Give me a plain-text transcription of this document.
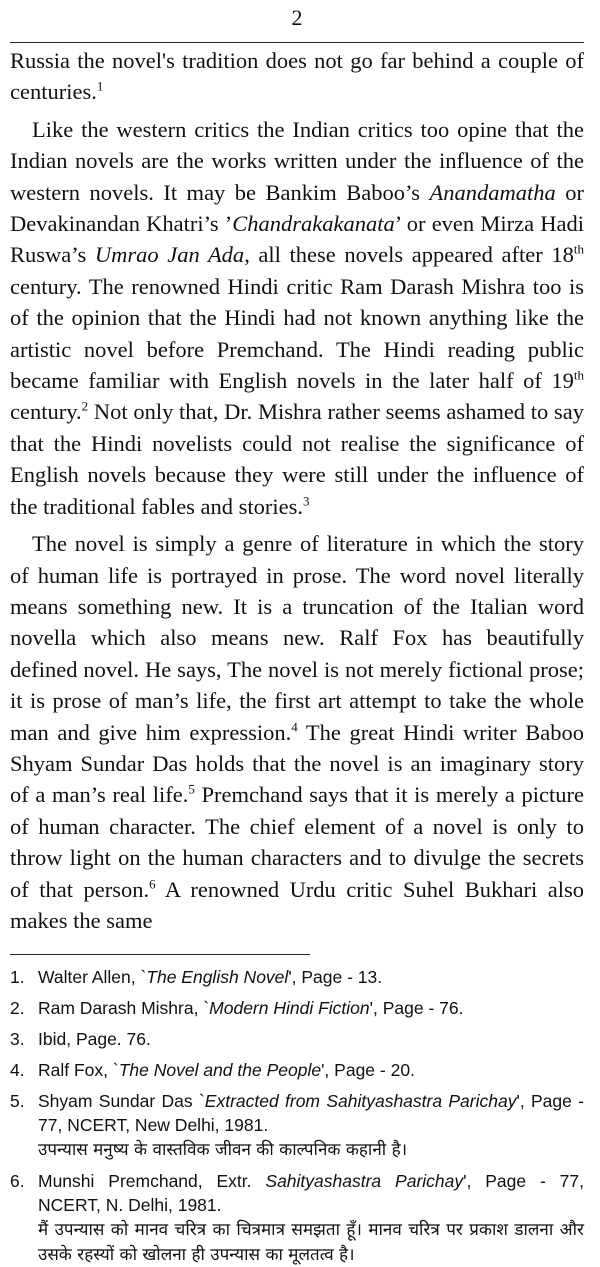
2

Russia the novel's tradition does not go far behind a couple of centuries.$^1$

Like the western critics the Indian critics too opine that the Indian novels are the works written under the influence of the western novels. It may be Bankim Baboo’s Anandamatha or Devakinandan Khatri’s ’Chandrakakanata’ or even Mirza Hadi Ruswa’s Umrao Jan Ada, all these novels appeared after 18th century. The renowned Hindi critic Ram Darash Mishra too is of the opinion that the Hindi had not known anything like the artistic novel before Premchand. The Hindi reading public became familiar with English novels in the later half of 19th century.$^2$ Not only that, Dr. Mishra rather seems ashamed to say that the Hindi novelists could not realise the significance of English novels because they were still under the influence of the traditional fables and stories.$^3$

The novel is simply a genre of literature in which the story of human life is portrayed in prose. The word novel literally means something new. It is a truncation of the Italian word novella which also means new. Ralf Fox has beautifully defined novel. He says, The novel is not merely fictional prose; it is prose of man’s life, the first art attempt to take the whole man and give him expression.$^4$ The great Hindi writer Baboo Shyam Sundar Das holds that the novel is an imaginary story of a man’s real life.$^5$ Premchand says that it is merely a picture of human character. The chief element of a novel is only to throw light on the human characters and to divulge the secrets of that person.$^6$ A renowned Urdu critic Suhel Bukhari also makes the same

1. Walter Allen, `The English Novel', Page - 13.
2. Ram Darash Mishra, `Modern Hindi Fiction', Page - 76.
3. Ibid, Page. 76.
4. Ralf Fox, `The Novel and the People', Page - 20.
5. Shyam Sundar Das `Extracted from Sahityashastra Parichay', Page - 77, NCERT, New Delhi, 1981.
उपन्यास मनुष्य के वास्तविक जीवन की काल्पनिक कहानी है।
6. Munshi Premchand, Extr. Sahityashastra Parichay', Page - 77, NCERT, N. Delhi, 1981.
मैं उपन्यास को मानव चरित्र का चित्रमात्र समझता हूँ। मानव चरित्र पर प्रकाश डालना और उसके रहस्यों को खोलना ही उपन्यास का मूलतत्व है।
